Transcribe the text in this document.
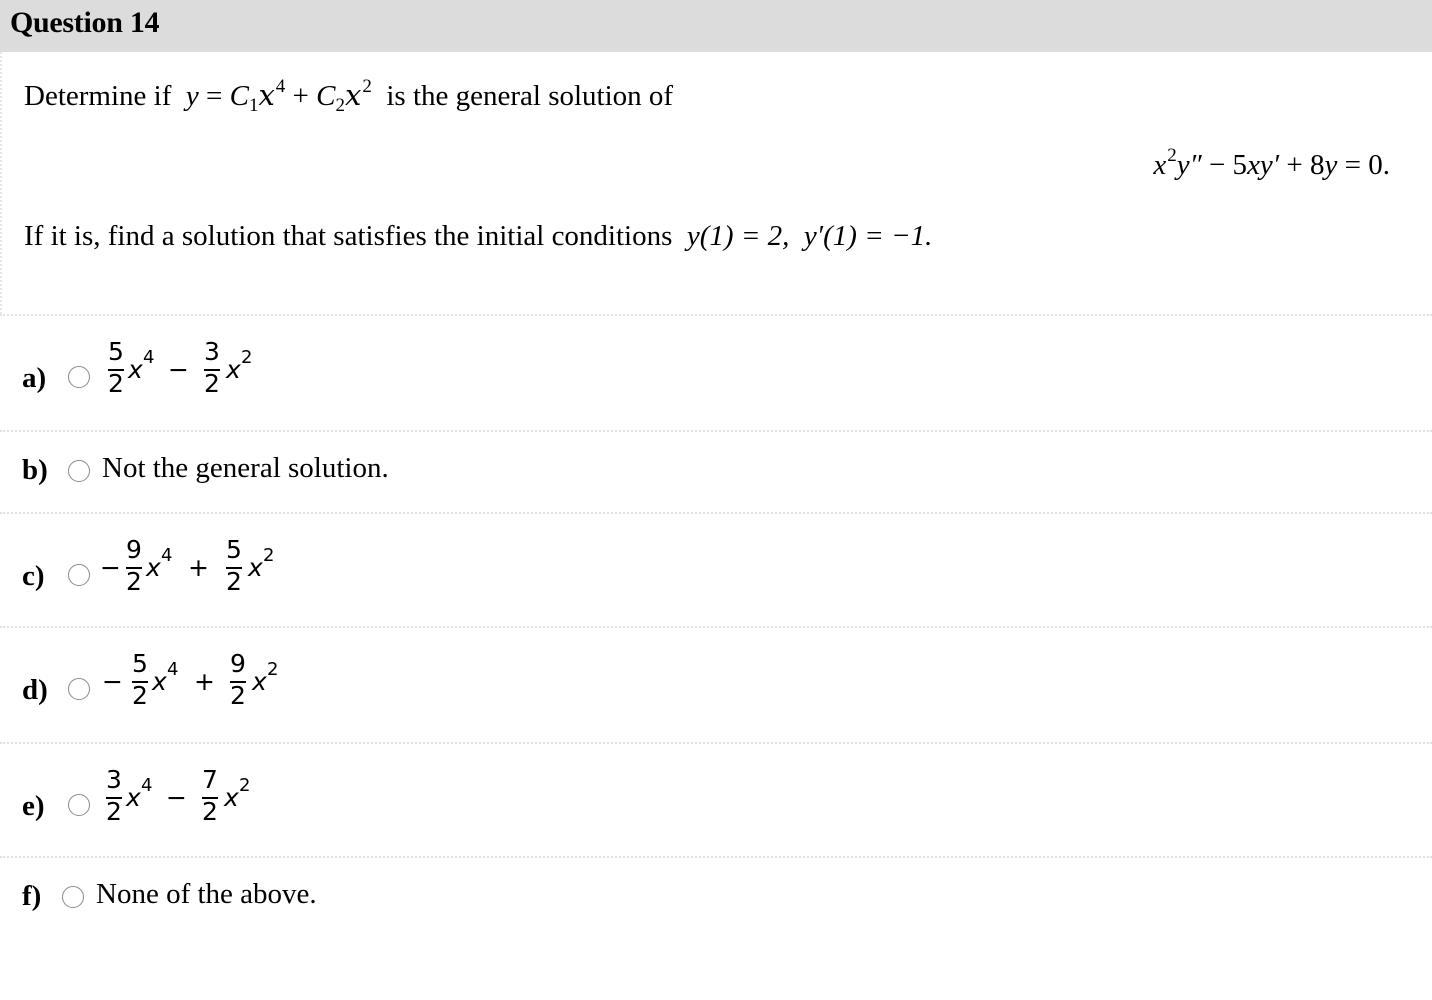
Question 14
Determine if $y = C_1x^4 + C_2x^2$ is the general solution of
$x^2y'' - 5xy' + 8y = 0$.
If it is, find a solution that satisfies the initial conditions y(1) = 2, y′(1) = −1.
a)
5
2 x 4 −
3
2 x 2
b) Not the general solution.
c) −
9
2 x 4 +
5
2 x 2
d) −
5
2 x 4 +
9
2 x 2
e)
3
2 x 4 −
7
2 x 2
f) None of the above.
